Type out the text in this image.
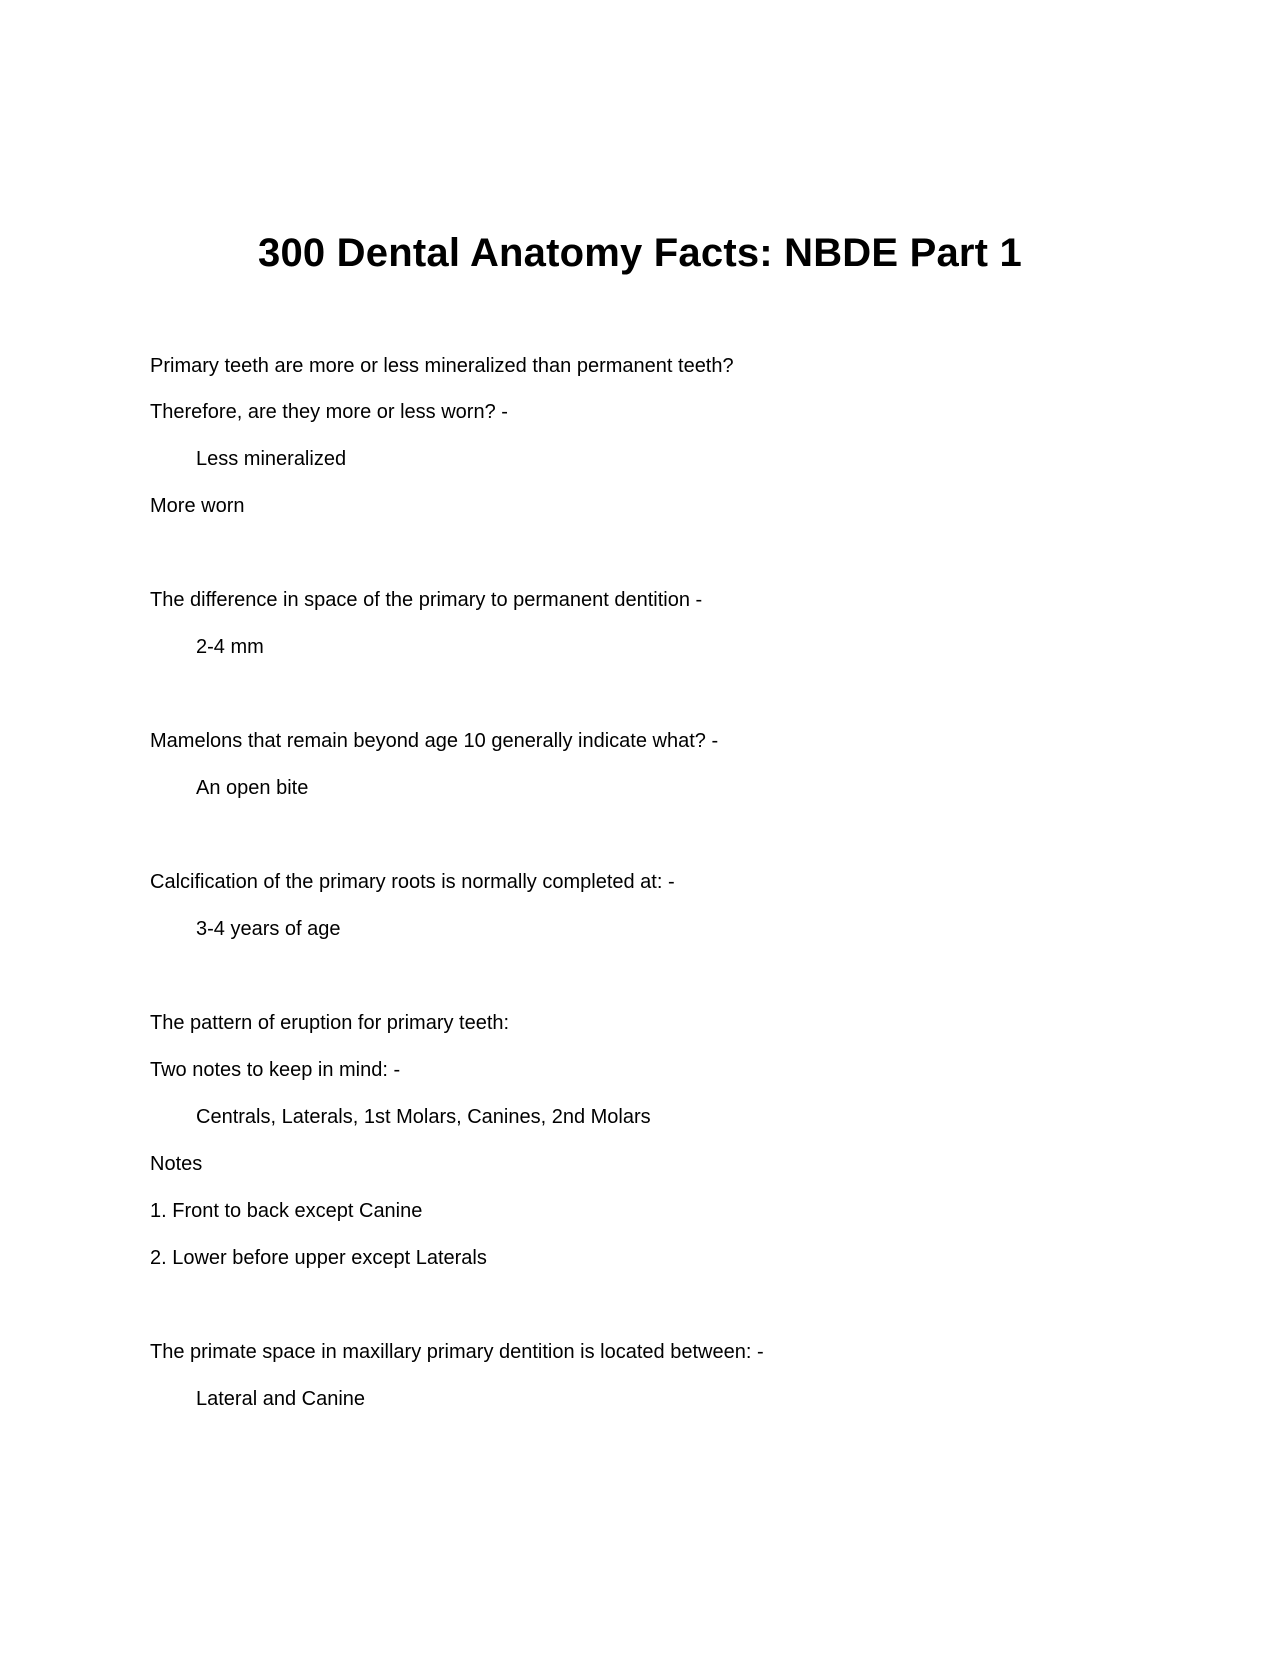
300 Dental Anatomy Facts: NBDE Part 1
Primary teeth are more or less mineralized than permanent teeth?
Therefore, are they more or less worn? -
Less mineralized
More worn
The difference in space of the primary to permanent dentition -
2-4 mm
Mamelons that remain beyond age 10 generally indicate what? -
An open bite
Calcification of the primary roots is normally completed at: -
3-4 years of age
The pattern of eruption for primary teeth:
Two notes to keep in mind: -
Centrals, Laterals, 1st Molars, Canines, 2nd Molars
Notes
1. Front to back except Canine
2. Lower before upper except Laterals
The primate space in maxillary primary dentition is located between: -
Lateral and Canine
